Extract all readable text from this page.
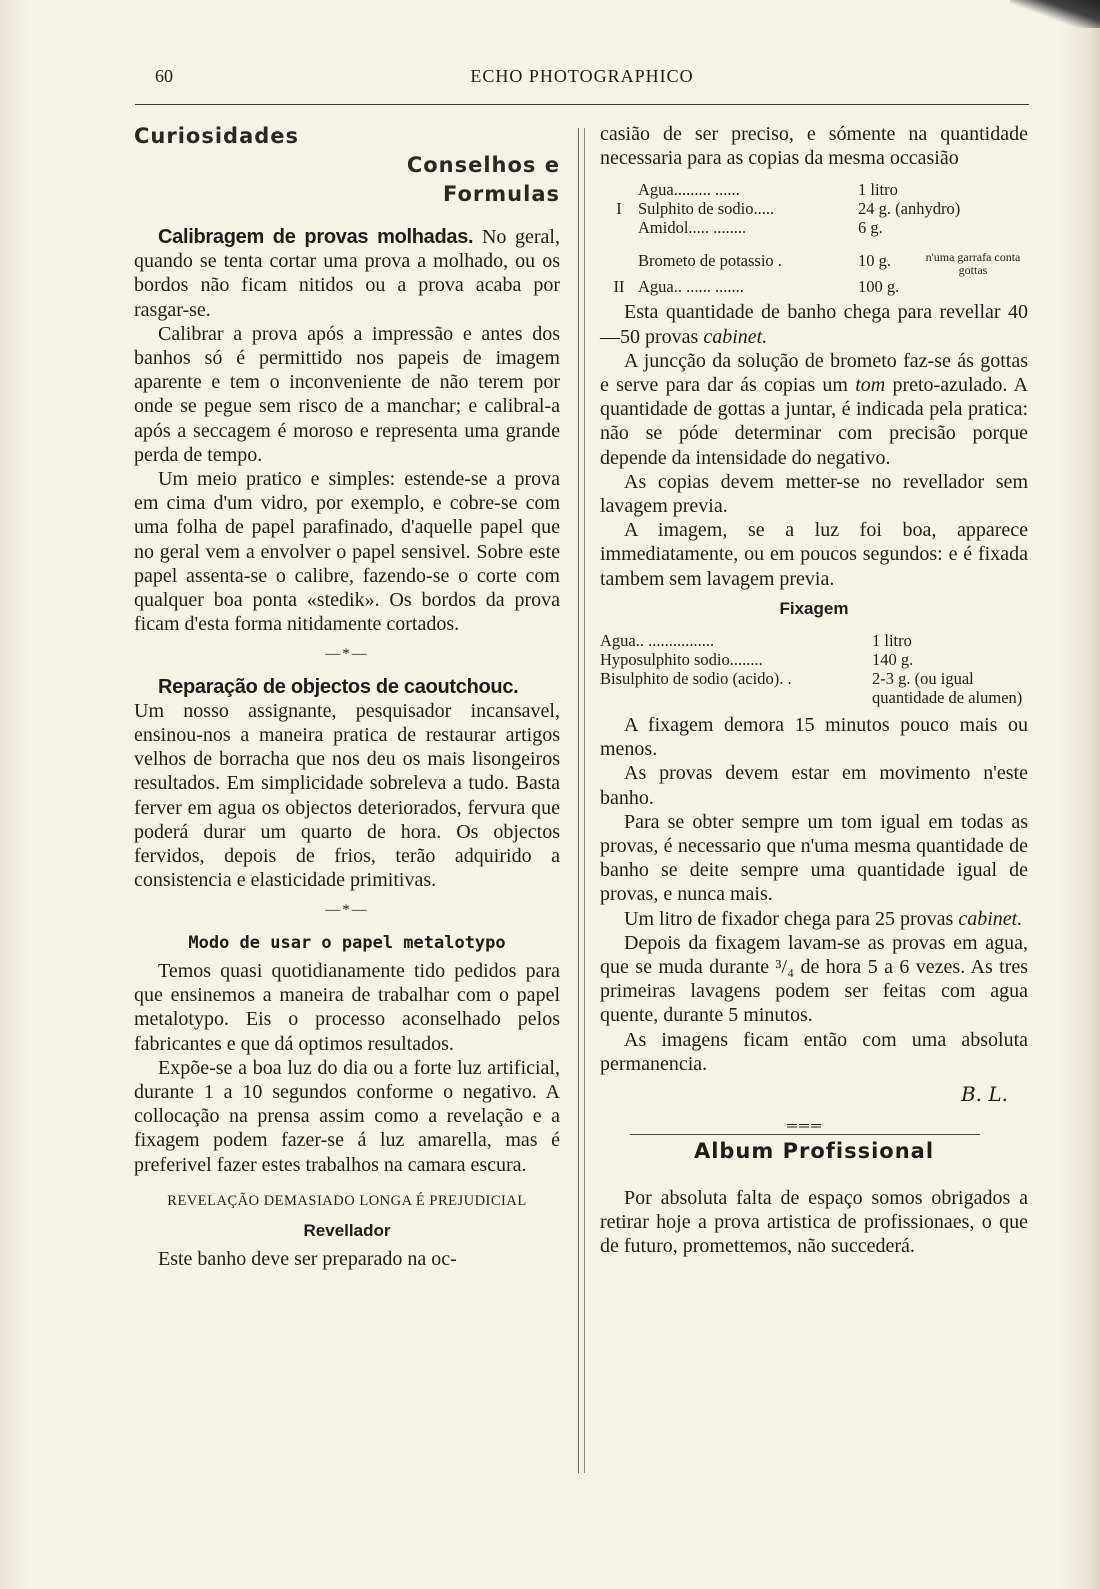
60	ECHO PHOTOGRAPHICO
Curiosidades
Conselhos e
Formulas

Calibragem de provas molhadas. No geral, quando se tenta cortar uma prova a molhado, ou os bordos não ficam nitidos ou a prova acaba por rasgar-se.

Calibrar a prova após a impressão e antes dos banhos só é permittido nos papeis de imagem aparente e tem o inconveniente de não terem por onde se pegue sem risco de a manchar; e calibral-a após a seccagem é moroso e representa uma grande perda de tempo.

Um meio pratico e simples: estende-se a prova em cima d'um vidro, por exemplo, e cobre-se com uma folha de papel parafinado, d'aquelle papel que no geral vem a envolver o papel sensivel. Sobre este papel assenta-se o calibre, fazendo-se o corte com qualquer boa ponta «stedik». Os bordos da prova ficam d'esta forma nitidamente cortados.

—*—

Reparação de objectos de caoutchouc.

Um nosso assignante, pesquisador incansavel, ensinou-nos a maneira pratica de restaurar artigos velhos de borracha que nos deu os mais lisongeiros resultados. Em simplicidade sobreleva a tudo. Basta ferver em agua os objectos deteriorados, fervura que poderá durar um quarto de hora. Os objectos fervidos, depois de frios, terão adquirido a consistencia e elasticidade primitivas.

—*—
Modo de usar o papel metalotypo

Temos quasi quotidianamente tido pedidos para que ensinemos a maneira de trabalhar com o papel metalotypo. Eis o processo aconselhado pelos fabricantes e que dá optimos resultados.

Expõe-se a boa luz do dia ou a forte luz artificial, durante 1 a 10 segundos conforme o negativo. A collocação na prensa assim como a revelação e a fixagem podem fazer-se á luz amarella, mas é preferivel fazer estes trabalhos na camara escura.

REVELAÇÃO DEMASIADO LONGA É PREJUDICIAL
Revellador

Este banho deve ser preparado na oc-

casião de ser preciso, e sómente na quantidade necessaria para as copias da mesma occasião

Agua......... ......	1 litro
I Sulphito de sodio.....	24 g. (anhydro)
Amidol..... ........	6 g.
Brometo de potassio .	10 g.	n'uma garrafa conta gottas
II Agua.. ...... .......	100 g.

Esta quantidade de banho chega para revellar 40—50 provas cabinet.

A juncção da solução de brometo faz-se ás gottas e serve para dar ás copias um tom preto-azulado. A quantidade de gottas a juntar, é indicada pela pratica: não se póde determinar com precisão porque depende da intensidade do negativo.

As copias devem metter-se no revellador sem lavagem previa.

A imagem, se a luz foi boa, apparece immediatamente, ou em poucos segundos: e é fixada tambem sem lavagem previa.

Fixagem
Agua.. ................	1 litro
Hyposulphito sodio........	140 g.
Bisulphito de sodio (acido). .	2-3 g. (ou igual quantidade de alumen)

A fixagem demora 15 minutos pouco mais ou menos.

As provas devem estar em movimento n'este banho.

Para se obter sempre um tom igual em todas as provas, é necessario que n'uma mesma quantidade de banho se deite sempre uma quantidade igual de provas, e nunca mais.

Um litro de fixador chega para 25 provas cabinet.

Depois da fixagem lavam-se as provas em agua, que se muda durante ³/₄ de hora 5 a 6 vezes. As tres primeiras lavagens podem ser feitas com agua quente, durante 5 minutos.

As imagens ficam então com uma absoluta permanencia.

B. L.
═══
Album Profissional

Por absoluta falta de espaço somos obrigados a retirar hoje a prova artistica de profissionaes, o que de futuro, promettemos, não succederá.
